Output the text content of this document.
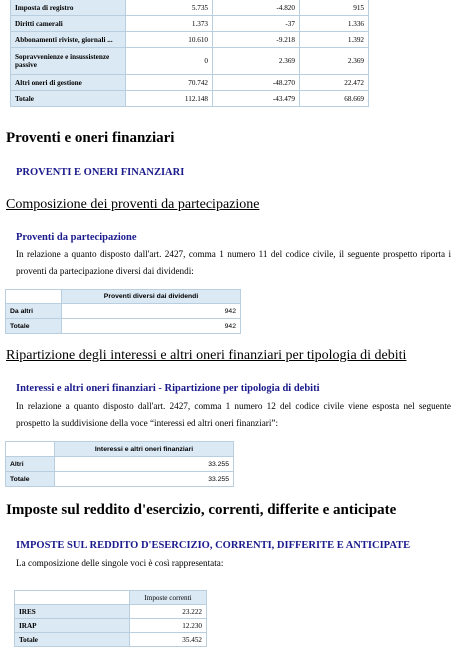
Imposta di registro	5.735	-4.820	915
Diritti camerali	1.373	-37	1.336
Abbonamenti riviste, giornali ...	10.610	-9.218	1.392
Sopravvenienze e insussistenze passive	0	2.369	2.369
Altri oneri di gestione	70.742	-48.270	22.472
Totale	112.148	-43.479	68.669
Proventi e oneri finanziari
PROVENTI E ONERI FINANZIARI
Composizione dei proventi da partecipazione
Proventi da partecipazione
In relazione a quanto disposto dall'art. 2427, comma 1 numero 11 del codice civile, il seguente prospetto riporta i proventi da partecipazione diversi dai dividendi:
	Proventi diversi dai dividendi
Da altri	942
Totale	942
Ripartizione degli interessi e altri oneri finanziari per tipologia di debiti
Interessi e altri oneri finanziari - Ripartizione per tipologia di debiti
In relazione a quanto disposto dall'art. 2427, comma 1 numero 12 del codice civile viene esposta nel seguente prospetto la suddivisione della voce “interessi ed altri oneri finanziari”:
	Interessi e altri oneri finanziari
Altri	33.255
Totale	33.255
Imposte sul reddito d'esercizio, correnti, differite e anticipate
IMPOSTE SUL REDDITO D'ESERCIZIO, CORRENTI, DIFFERITE E ANTICIPATE
La composizione delle singole voci è così rappresentata:
	Imposte correnti
IRES	23.222
IRAP	12.230
Totale	35.452
